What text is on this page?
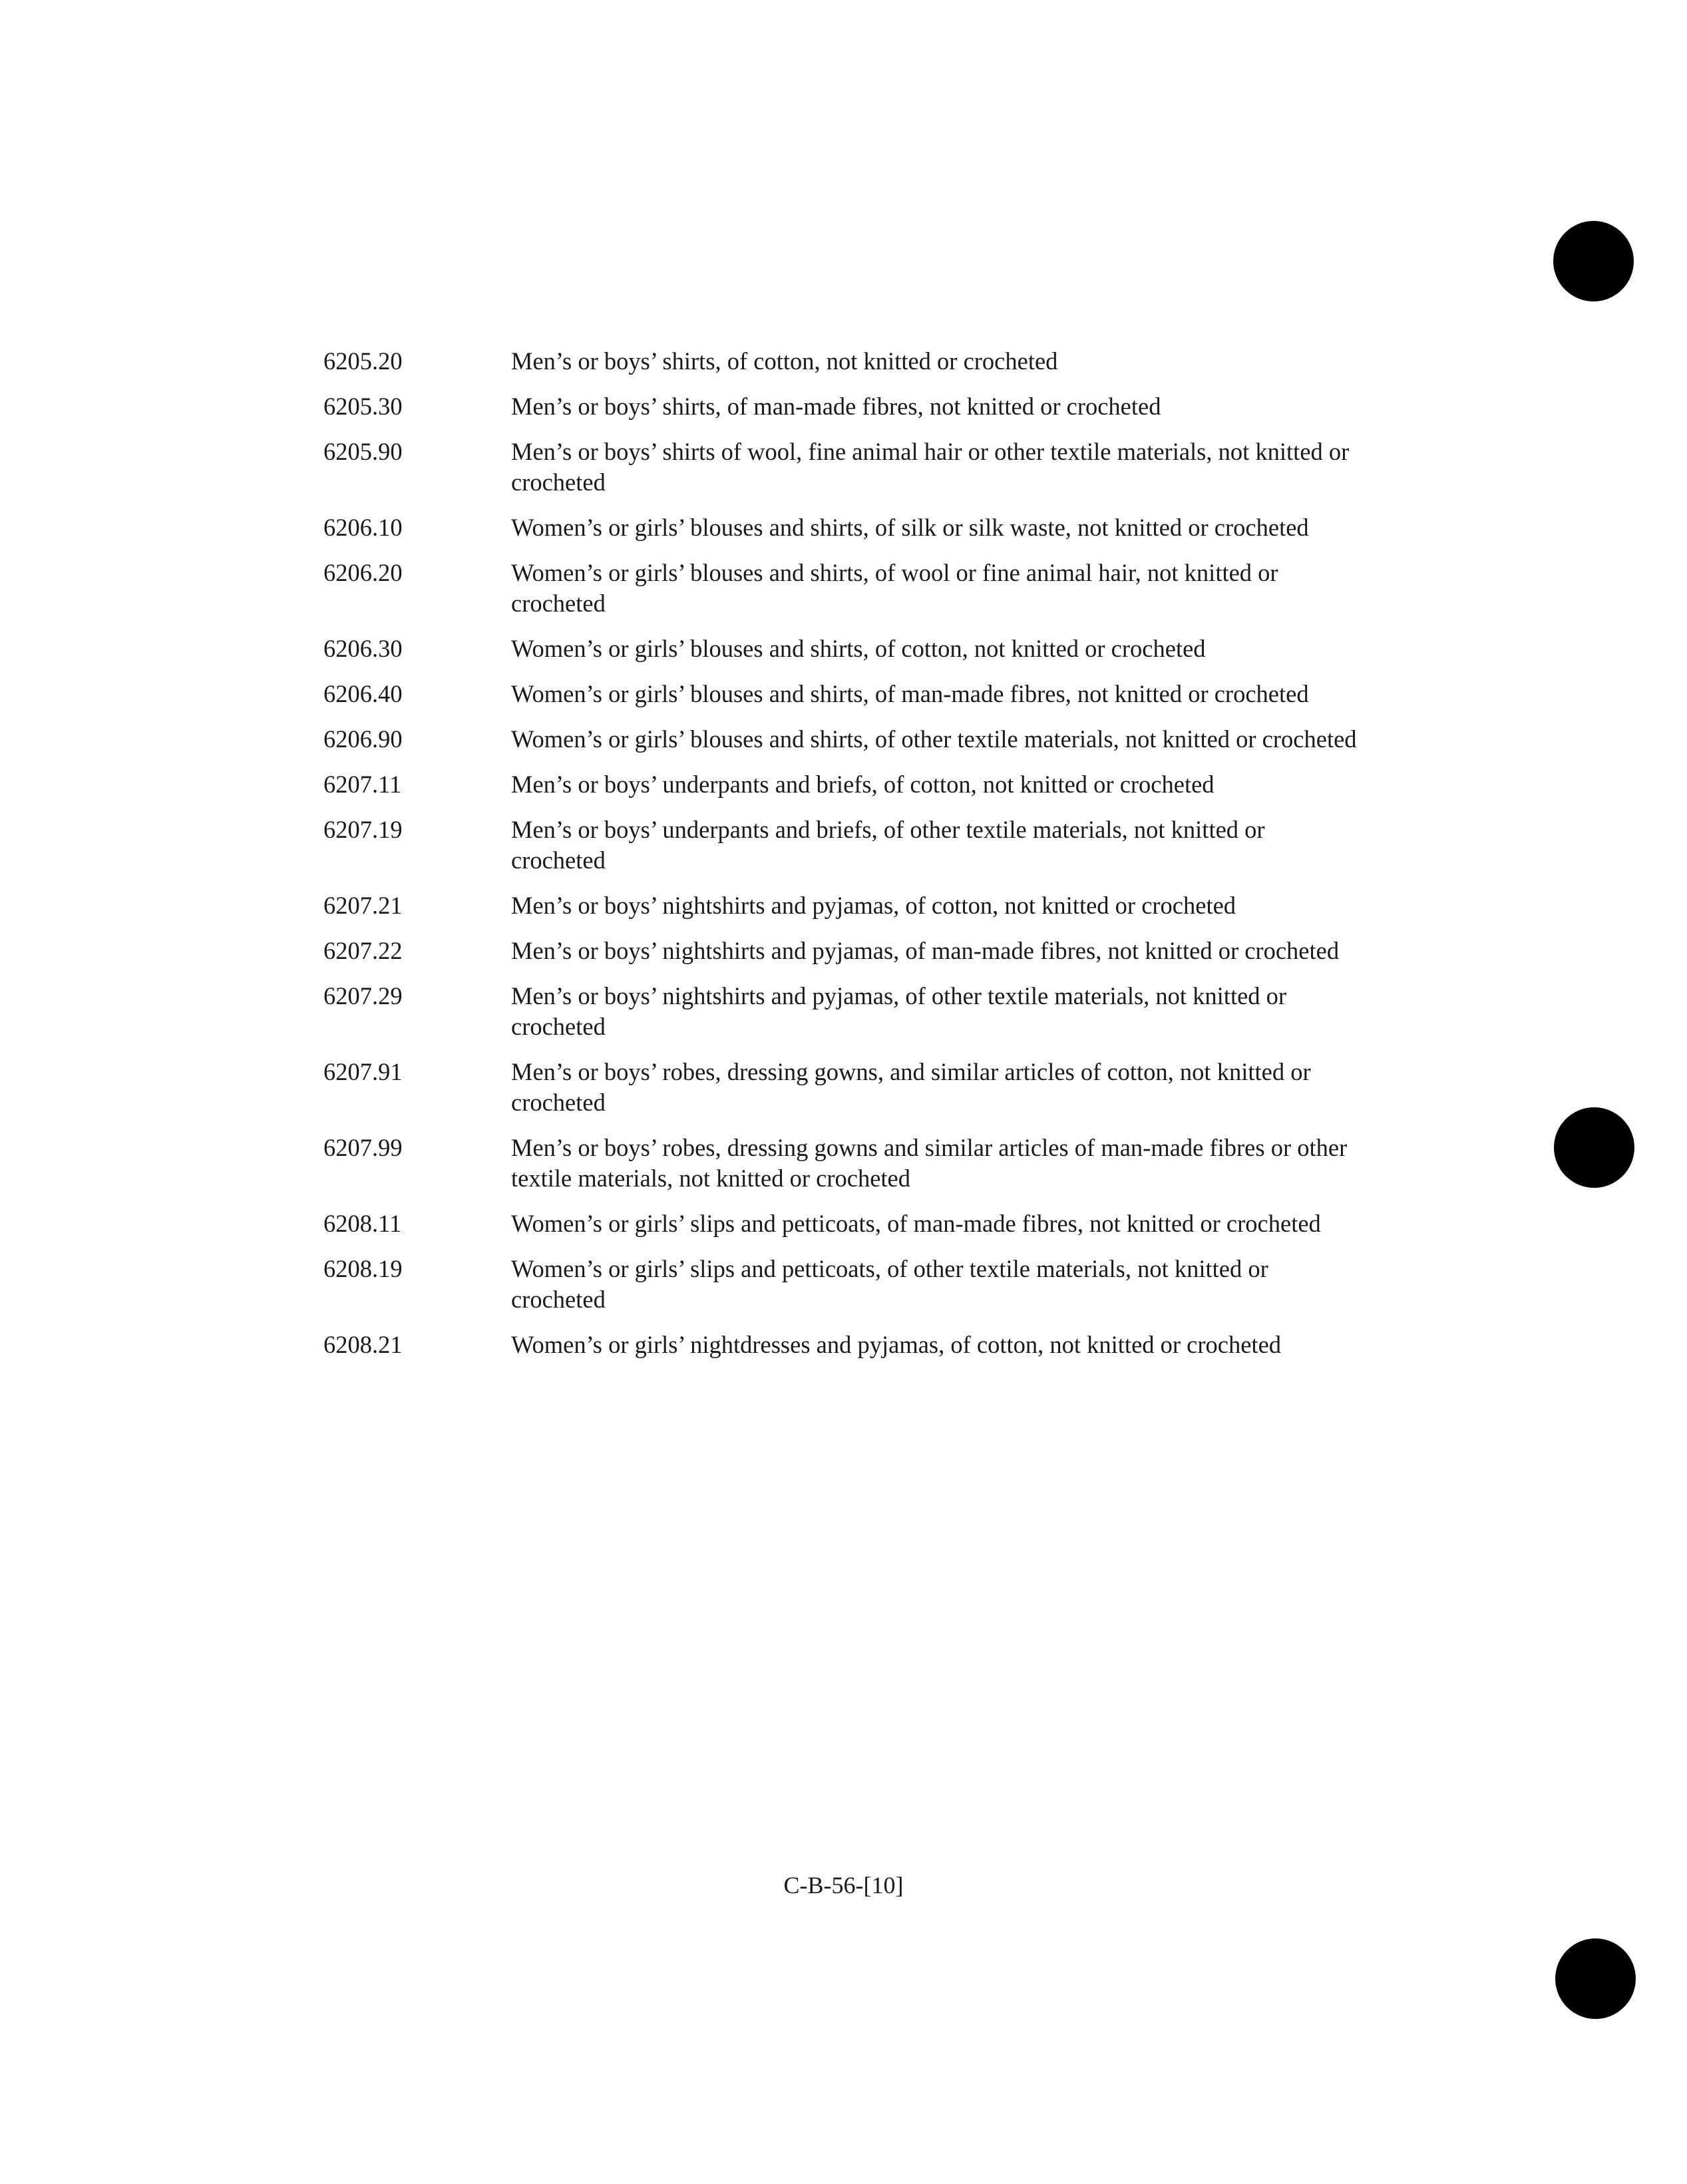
6205.20	Men’s or boys’ shirts, of cotton, not knitted or crocheted
6205.30	Men’s or boys’ shirts, of man-made fibres, not knitted or crocheted
6205.90	Men’s or boys’ shirts of wool, fine animal hair or other textile materials, not knitted or crocheted
6206.10	Women’s or girls’ blouses and shirts, of silk or silk waste, not knitted or crocheted
6206.20	Women’s or girls’ blouses and shirts, of wool or fine animal hair, not knitted or crocheted
6206.30	Women’s or girls’ blouses and shirts, of cotton, not knitted or crocheted
6206.40	Women’s or girls’ blouses and shirts, of man-made fibres, not knitted or crocheted
6206.90	Women’s or girls’ blouses and shirts, of other textile materials, not knitted or crocheted
6207.11	Men’s or boys’ underpants and briefs, of cotton, not knitted or crocheted
6207.19	Men’s or boys’ underpants and briefs, of other textile materials, not knitted or crocheted
6207.21	Men’s or boys’ nightshirts and pyjamas, of cotton, not knitted or crocheted
6207.22	Men’s or boys’ nightshirts and pyjamas, of man-made fibres, not knitted or crocheted
6207.29	Men’s or boys’ nightshirts and pyjamas, of other textile materials, not knitted or crocheted
6207.91	Men’s or boys’ robes, dressing gowns, and similar articles of cotton, not knitted or crocheted
6207.99	Men’s or boys’ robes, dressing gowns and similar articles of man-made fibres or other textile materials, not knitted or crocheted
6208.11	Women’s or girls’ slips and petticoats, of man-made fibres, not knitted or crocheted
6208.19	Women’s or girls’ slips and petticoats, of other textile materials, not knitted or crocheted
6208.21	Women’s or girls’ nightdresses and pyjamas, of cotton, not knitted or crocheted
C-B-56-[10]
